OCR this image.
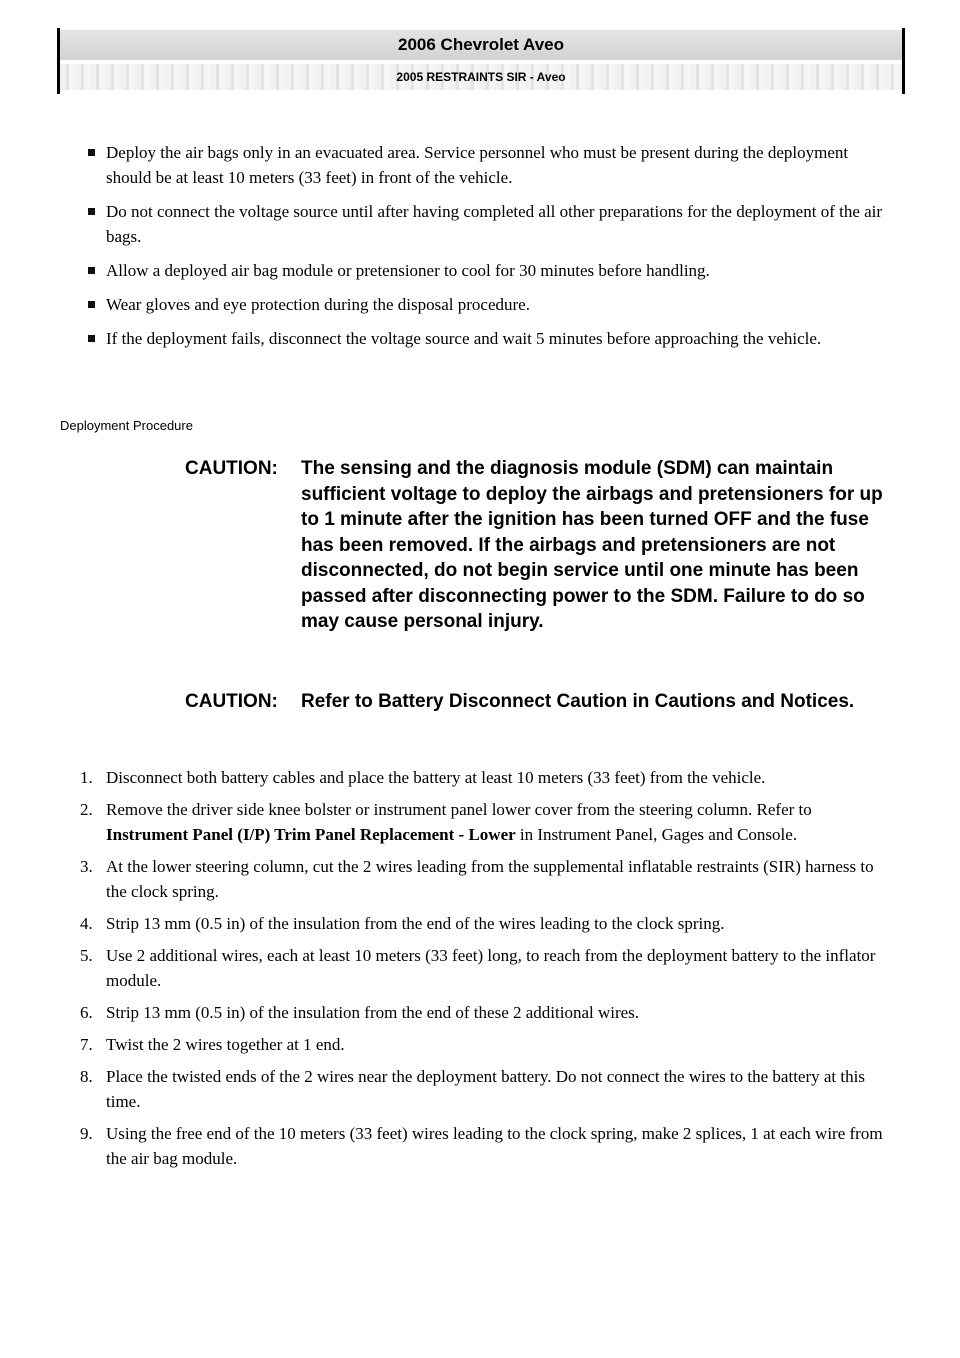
2006 Chevrolet Aveo
2005 RESTRAINTS SIR - Aveo
Deploy the air bags only in an evacuated area. Service personnel who must be present during the deployment should be at least 10 meters (33 feet) in front of the vehicle.
Do not connect the voltage source until after having completed all other preparations for the deployment of the air bags.
Allow a deployed air bag module or pretensioner to cool for 30 minutes before handling.
Wear gloves and eye protection during the disposal procedure.
If the deployment fails, disconnect the voltage source and wait 5 minutes before approaching the vehicle.
Deployment Procedure
CAUTION: The sensing and the diagnosis module (SDM) can maintain sufficient voltage to deploy the airbags and pretensioners for up to 1 minute after the ignition has been turned OFF and the fuse has been removed. If the airbags and pretensioners are not disconnected, do not begin service until one minute has been passed after disconnecting power to the SDM. Failure to do so may cause personal injury.
CAUTION: Refer to Battery Disconnect Caution in Cautions and Notices.
1. Disconnect both battery cables and place the battery at least 10 meters (33 feet) from the vehicle.
2. Remove the driver side knee bolster or instrument panel lower cover from the steering column. Refer to Instrument Panel (I/P) Trim Panel Replacement - Lower in Instrument Panel, Gages and Console.
3. At the lower steering column, cut the 2 wires leading from the supplemental inflatable restraints (SIR) harness to the clock spring.
4. Strip 13 mm (0.5 in) of the insulation from the end of the wires leading to the clock spring.
5. Use 2 additional wires, each at least 10 meters (33 feet) long, to reach from the deployment battery to the inflator module.
6. Strip 13 mm (0.5 in) of the insulation from the end of these 2 additional wires.
7. Twist the 2 wires together at 1 end.
8. Place the twisted ends of the 2 wires near the deployment battery. Do not connect the wires to the battery at this time.
9. Using the free end of the 10 meters (33 feet) wires leading to the clock spring, make 2 splices, 1 at each wire from the air bag module.
